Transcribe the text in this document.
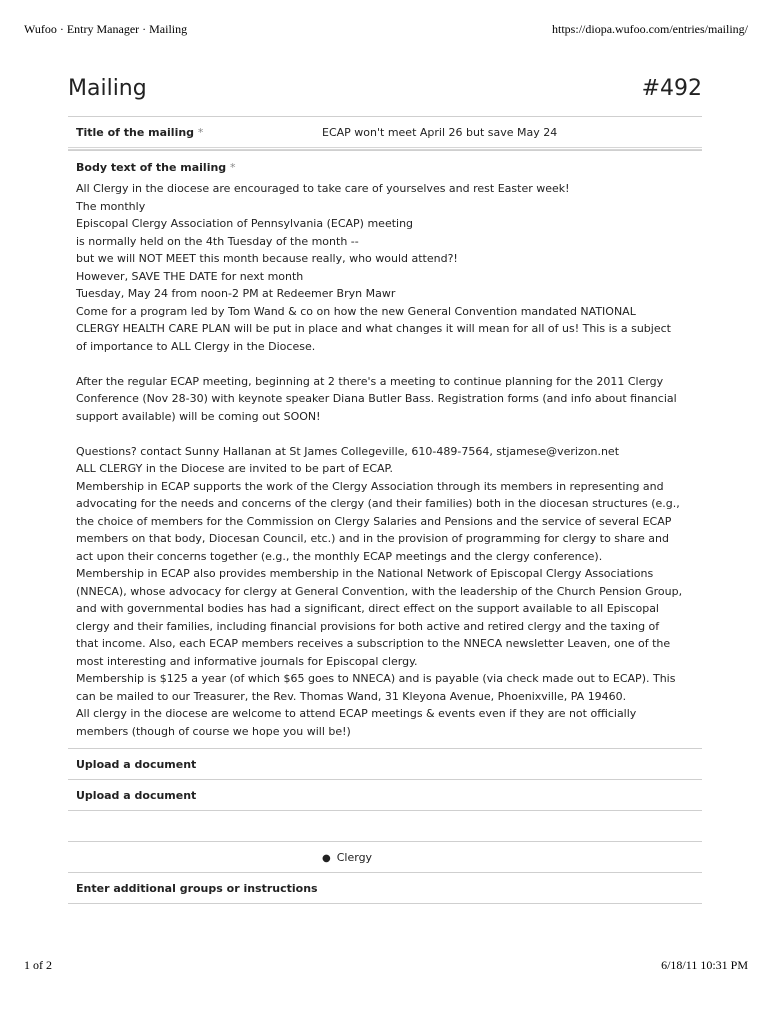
Wufoo · Entry Manager · Mailing	https://diopa.wufoo.com/entries/mailing/
Mailing	#492
Title of the mailing *	ECAP won't meet April 26 but save May 24
Body text of the mailing *
All Clergy in the diocese are encouraged to take care of yourselves and rest Easter week!
The monthly
Episcopal Clergy Association of Pennsylvania (ECAP) meeting
is normally held on the 4th Tuesday of the month --
but we will NOT MEET this month because really, who would attend?!
However, SAVE THE DATE for next month
Tuesday, May 24 from noon-2 PM at Redeemer Bryn Mawr
Come for a program led by Tom Wand & co on how the new General Convention mandated NATIONAL
CLERGY HEALTH CARE PLAN will be put in place and what changes it will mean for all of us! This is a subject
of importance to ALL Clergy in the Diocese.

After the regular ECAP meeting, beginning at 2 there's a meeting to continue planning for the 2011 Clergy
Conference (Nov 28-30) with keynote speaker Diana Butler Bass. Registration forms (and info about financial
support available) will be coming out SOON!

Questions? contact Sunny Hallanan at St James Collegeville, 610-489-7564, stjamese@verizon.net
ALL CLERGY in the Diocese are invited to be part of ECAP.
Membership in ECAP supports the work of the Clergy Association through its members in representing and
advocating for the needs and concerns of the clergy (and their families) both in the diocesan structures (e.g.,
the choice of members for the Commission on Clergy Salaries and Pensions and the service of several ECAP
members on that body, Diocesan Council, etc.) and in the provision of programming for clergy to share and
act upon their concerns together (e.g., the monthly ECAP meetings and the clergy conference).
Membership in ECAP also provides membership in the National Network of Episcopal Clergy Associations
(NNECA), whose advocacy for clergy at General Convention, with the leadership of the Church Pension Group,
and with governmental bodies has had a significant, direct effect on the support available to all Episcopal
clergy and their families, including financial provisions for both active and retired clergy and the taxing of
that income. Also, each ECAP members receives a subscription to the NNECA newsletter Leaven, one of the
most interesting and informative journals for Episcopal clergy.
Membership is $125 a year (of which $65 goes to NNECA) and is payable (via check made out to ECAP). This
can be mailed to our Treasurer, the Rev. Thomas Wand, 31 Kleyona Avenue, Phoenixville, PA 19460.
All clergy in the diocese are welcome to attend ECAP meetings & events even if they are not officially
members (though of course we hope you will be!)
Upload a document
Upload a document
● Clergy
Enter additional groups or instructions
1 of 2	6/18/11 10:31 PM
